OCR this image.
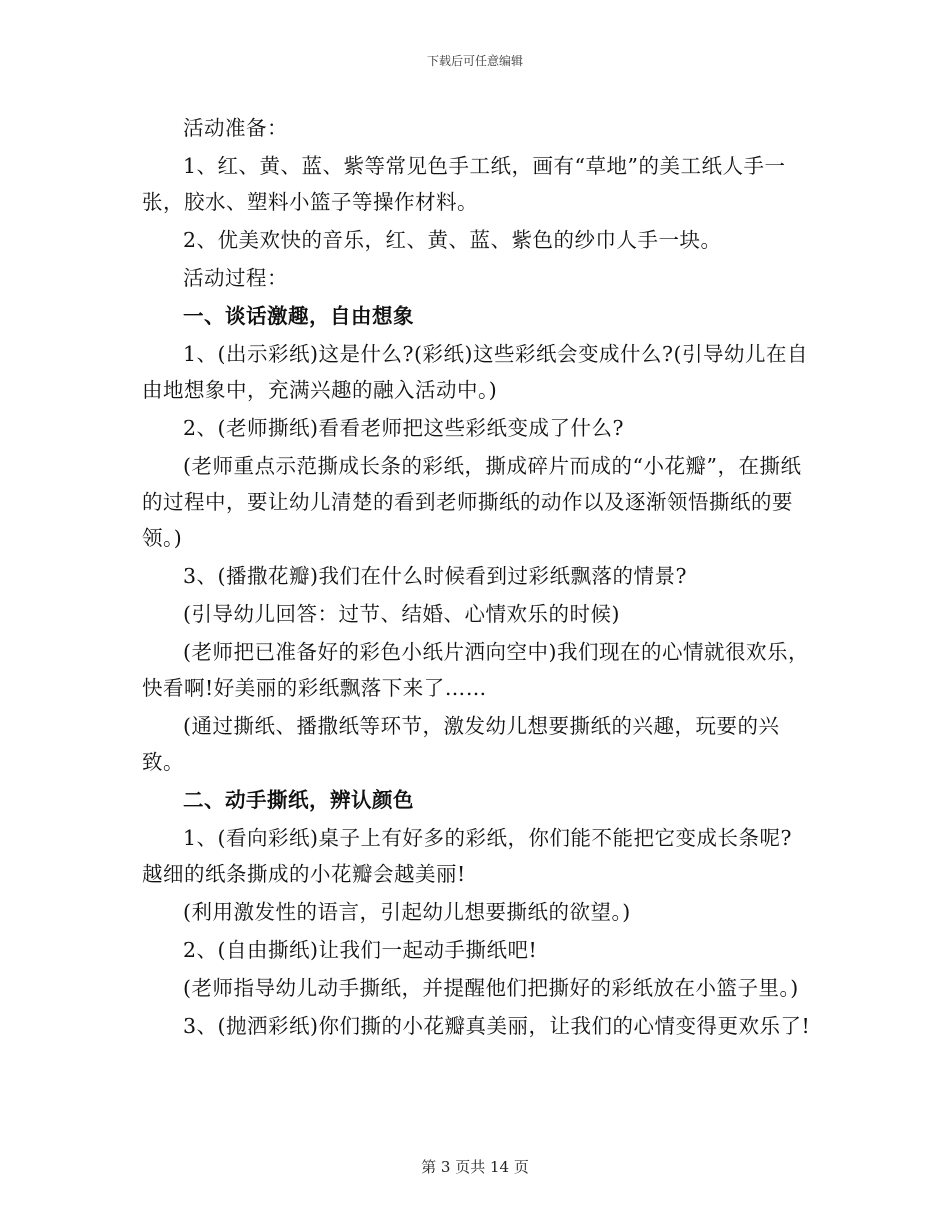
下载后可任意编辑

活动准备：

1、红、黄、蓝、紫等常见色手工纸，画有“草地”的美工纸人手一张，胶水、塑料小篮子等操作材料。

2、优美欢快的音乐，红、黄、蓝、紫色的纱巾人手一块。

活动过程：

一、谈话激趣，自由想象

1、(出示彩纸)这是什么?(彩纸)这些彩纸会变成什么?(引导幼儿在自由地想象中，充满兴趣的融入活动中。)

2、(老师撕纸)看看老师把这些彩纸变成了什么?

(老师重点示范撕成长条的彩纸，撕成碎片而成的“小花瓣”，在撕纸的过程中，要让幼儿清楚的看到老师撕纸的动作以及逐渐领悟撕纸的要领。)

3、(播撒花瓣)我们在什么时候看到过彩纸飘落的情景?

(引导幼儿回答：过节、结婚、心情欢乐的时候)

(老师把已准备好的彩色小纸片洒向空中)我们现在的心情就很欢乐，快看啊!好美丽的彩纸飘落下来了……

(通过撕纸、播撒纸等环节，激发幼儿想要撕纸的兴趣，玩要的兴致。

二、动手撕纸，辨认颜色

1、(看向彩纸)桌子上有好多的彩纸，你们能不能把它变成长条呢?越细的纸条撕成的小花瓣会越美丽!

(利用激发性的语言，引起幼儿想要撕纸的欲望。)

2、(自由撕纸)让我们一起动手撕纸吧!

(老师指导幼儿动手撕纸，并提醒他们把撕好的彩纸放在小篮子里。)

3、(抛洒彩纸)你们撕的小花瓣真美丽，让我们的心情变得更欢乐了!

第 3 页共 14 页
